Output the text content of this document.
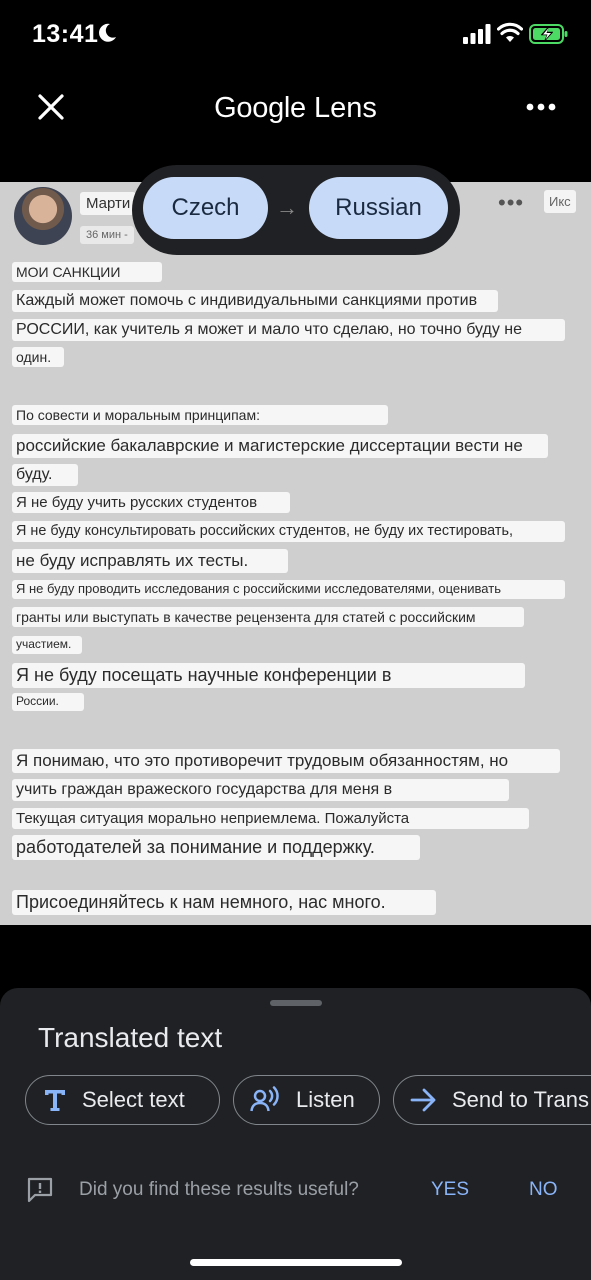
13:41
Google Lens
Марти
36 мин -
•••	Икс
Czech	→	Russian
МОИ САНКЦИИ
Каждый может помочь с индивидуальными санкциями против
РОССИИ, как учитель я может и мало что сделаю, но точно буду не
один.
По совести и моральным принципам:
российские бакалаврские и магистерские диссертации вести не
буду.
Я не буду учить русских студентов
Я не буду консультировать российских студентов, не буду их тестировать,
не буду исправлять их тесты.
Я не буду проводить исследования с российскими исследователями, оценивать
гранты или выступать в качестве рецензента для статей с российским
участием.
Я не буду посещать научные конференции в
России.
Я понимаю, что это противоречит трудовым обязанностям, но
учить граждан вражеского государства для меня в
Текущая ситуация морально неприемлема. Пожалуйста
работодателей за понимание и поддержку.
Присоединяйтесь к нам немного, нас много.
Translated text
Select text	Listen	Send to Trans
Did you find these results useful?	YES	NO
